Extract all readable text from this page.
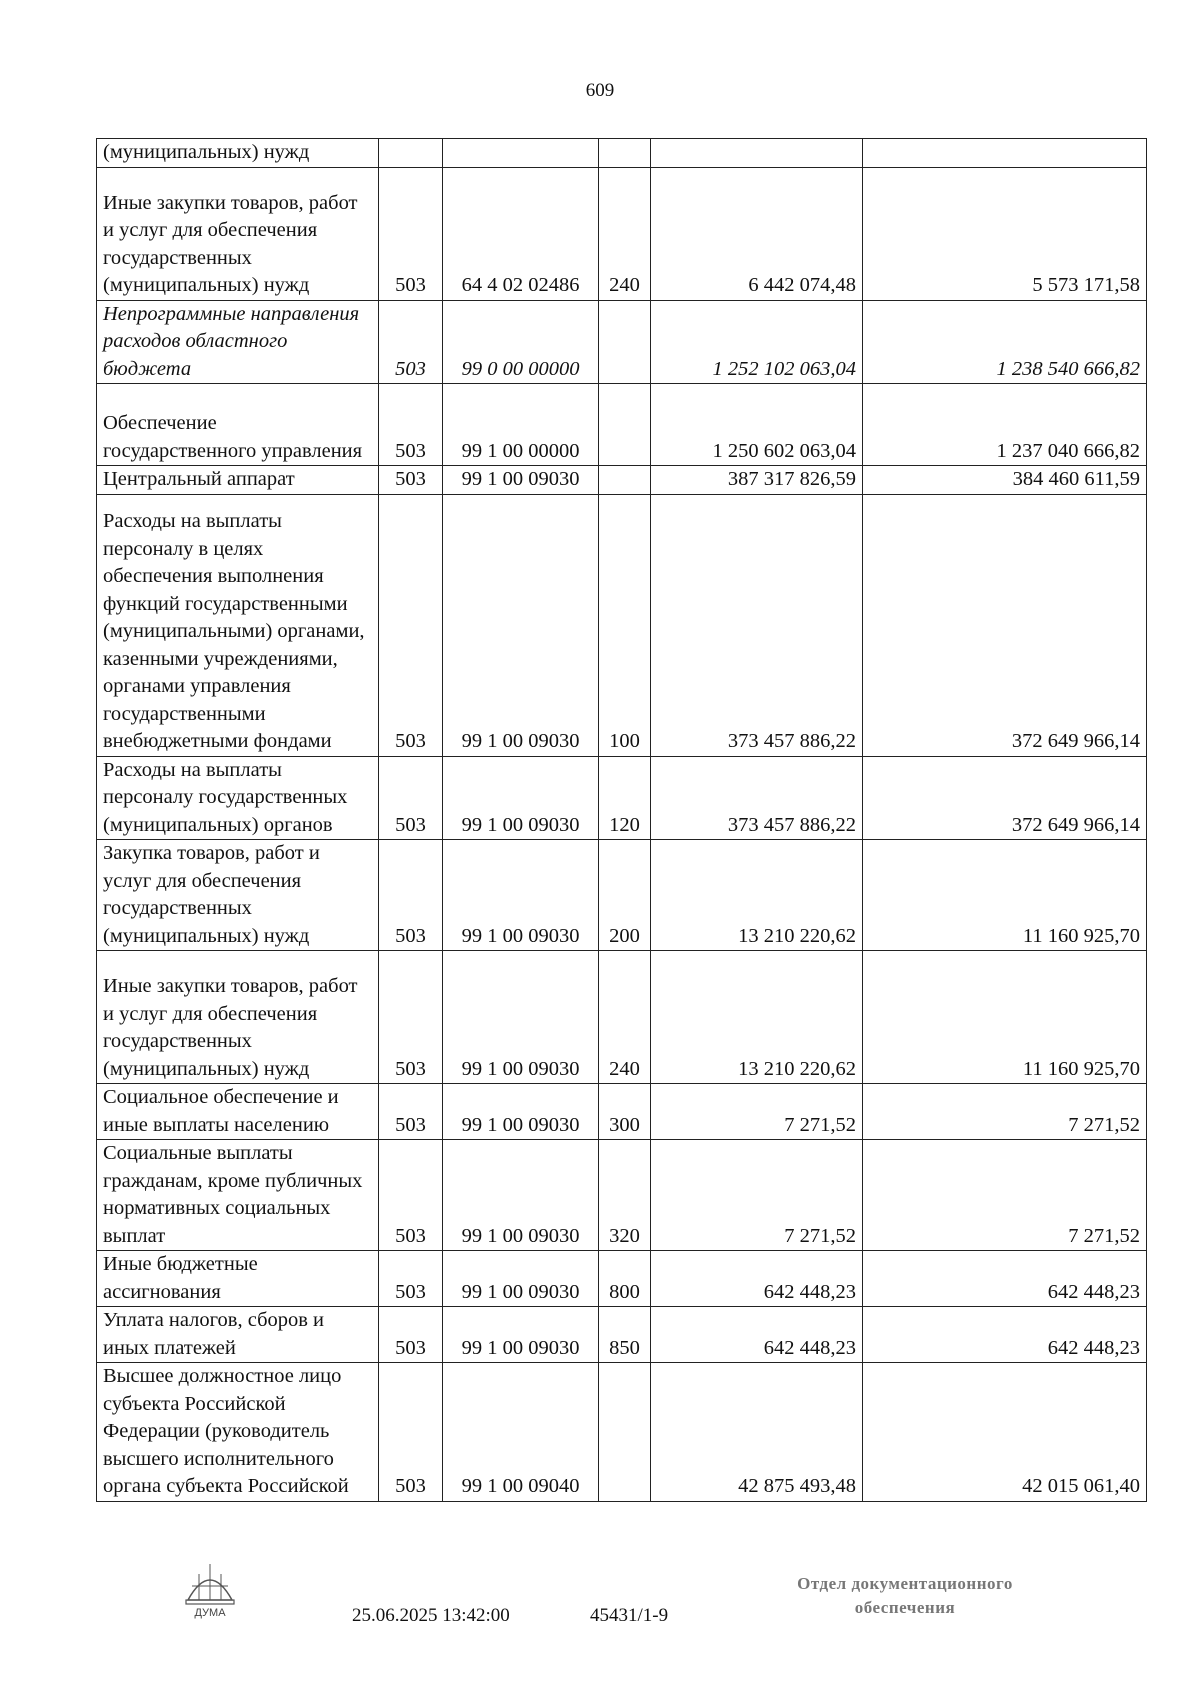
609
(муниципальных) нужд					
Иные закупки товаров, работ и услуг для обеспечения государственных (муниципальных) нужд	503	64 4 02 02486	240	6 442 074,48	5 573 171,58
Непрограммные направления расходов областного бюджета	503	99 0 00 00000		1 252 102 063,04	1 238 540 666,82
Обеспечение государственного управления	503	99 1 00 00000		1 250 602 063,04	1 237 040 666,82
Центральный аппарат	503	99 1 00 09030		387 317 826,59	384 460 611,59
Расходы на выплаты персоналу в целях обеспечения выполнения функций государственными (муниципальными) органами, казенными учреждениями, органами управления государственными внебюджетными фондами	503	99 1 00 09030	100	373 457 886,22	372 649 966,14
Расходы на выплаты персоналу государственных (муниципальных) органов	503	99 1 00 09030	120	373 457 886,22	372 649 966,14
Закупка товаров, работ и услуг для обеспечения государственных (муниципальных) нужд	503	99 1 00 09030	200	13 210 220,62	11 160 925,70
Иные закупки товаров, работ и услуг для обеспечения государственных (муниципальных) нужд	503	99 1 00 09030	240	13 210 220,62	11 160 925,70
Социальное обеспечение и иные выплаты населению	503	99 1 00 09030	300	7 271,52	7 271,52
Социальные выплаты гражданам, кроме публичных нормативных социальных выплат	503	99 1 00 09030	320	7 271,52	7 271,52
Иные бюджетные ассигнования	503	99 1 00 09030	800	642 448,23	642 448,23
Уплата налогов, сборов и иных платежей	503	99 1 00 09030	850	642 448,23	642 448,23
Высшее должностное лицо субъекта Российской Федерации (руководитель высшего исполнительного органа субъекта Российской	503	99 1 00 09040		42 875 493,48	42 015 061,40
ДУМА	25.06.2025 13:42:00	45431/1-9
Отдел документационного
обеспечения
